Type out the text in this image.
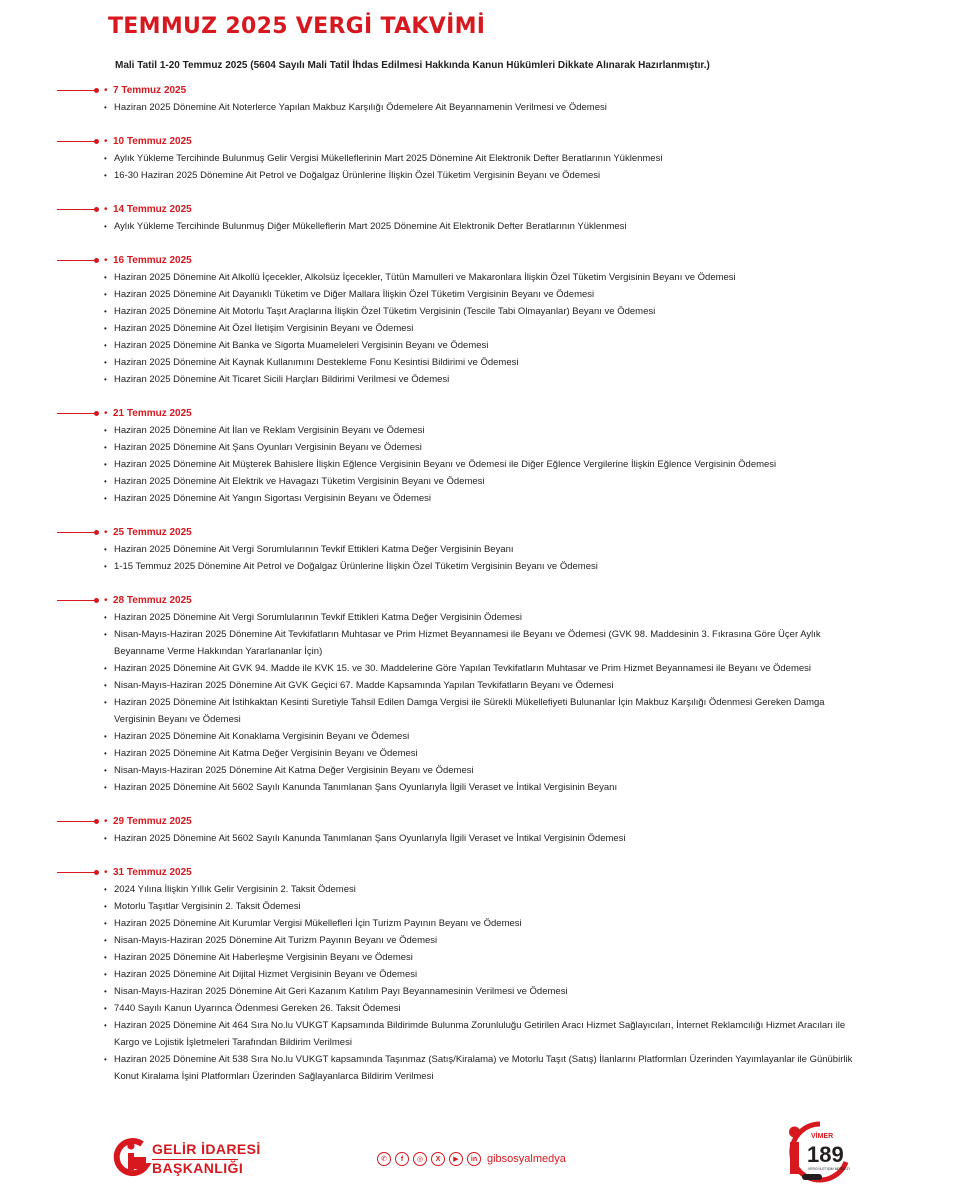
TEMMUZ 2025 VERGİ TAKVİMİ
Mali Tatil 1-20 Temmuz 2025 (5604 Sayılı Mali Tatil İhdas Edilmesi Hakkında Kanun Hükümleri Dikkate Alınarak Hazırlanmıştır.)
• 7 Temmuz 2025
• Haziran 2025 Dönemine Ait Noterlerce Yapılan Makbuz Karşılığı Ödemelere Ait Beyannamenin Verilmesi ve Ödemesi
• 10 Temmuz 2025
• Aylık Yükleme Tercihinde Bulunmuş Gelir Vergisi Mükelleflerinin Mart 2025 Dönemine Ait Elektronik Defter Beratlarının Yüklenmesi
• 16-30 Haziran 2025 Dönemine Ait Petrol ve Doğalgaz Ürünlerine İlişkin Özel Tüketim Vergisinin Beyanı ve Ödemesi
• 14 Temmuz 2025
• Aylık Yükleme Tercihinde Bulunmuş Diğer Mükelleflerin Mart 2025 Dönemine Ait Elektronik Defter Beratlarının Yüklenmesi
• 16 Temmuz 2025
• Haziran 2025 Dönemine Ait Alkollü İçecekler, Alkolsüz İçecekler, Tütün Mamulleri ve Makaronlara İlişkin Özel Tüketim Vergisinin Beyanı ve Ödemesi
• Haziran 2025 Dönemine Ait Dayanıklı Tüketim ve Diğer Mallara İlişkin Özel Tüketim Vergisinin Beyanı ve Ödemesi
• Haziran 2025 Dönemine Ait Motorlu Taşıt Araçlarına İlişkin Özel Tüketim Vergisinin (Tescile Tabi Olmayanlar) Beyanı ve Ödemesi
• Haziran 2025 Dönemine Ait Özel İletişim Vergisinin Beyanı ve Ödemesi
• Haziran 2025 Dönemine Ait Banka ve Sigorta Muameleleri Vergisinin Beyanı ve Ödemesi
• Haziran 2025 Dönemine Ait Kaynak Kullanımını Destekleme Fonu Kesintisi Bildirimi ve Ödemesi
• Haziran 2025 Dönemine Ait Ticaret Sicili Harçları Bildirimi Verilmesi ve Ödemesi
• 21 Temmuz 2025
• Haziran 2025 Dönemine Ait İlan ve Reklam Vergisinin Beyanı ve Ödemesi
• Haziran 2025 Dönemine Ait Şans Oyunları Vergisinin Beyanı ve Ödemesi
• Haziran 2025 Dönemine Ait Müşterek Bahislere İlişkin Eğlence Vergisinin Beyanı ve Ödemesi ile Diğer Eğlence Vergilerine İlişkin Eğlence Vergisinin Ödemesi
• Haziran 2025 Dönemine Ait Elektrik ve Havagazı Tüketim Vergisinin Beyanı ve Ödemesi
• Haziran 2025 Dönemine Ait Yangın Sigortası Vergisinin Beyanı ve Ödemesi
• 25 Temmuz 2025
• Haziran 2025 Dönemine Ait Vergi Sorumlularının Tevkif Ettikleri Katma Değer Vergisinin Beyanı
• 1-15 Temmuz 2025 Dönemine Ait Petrol ve Doğalgaz Ürünlerine İlişkin Özel Tüketim Vergisinin Beyanı ve Ödemesi
• 28 Temmuz 2025
• Haziran 2025 Dönemine Ait Vergi Sorumlularının Tevkif Ettikleri Katma Değer Vergisinin Ödemesi
• Nisan-Mayıs-Haziran 2025 Dönemine Ait Tevkifatların Muhtasar ve Prim Hizmet Beyannamesi ile Beyanı ve Ödemesi (GVK 98. Maddesinin 3. Fıkrasına Göre Üçer Aylık Beyanname Verme Hakkından Yararlananlar İçin)
• Haziran 2025 Dönemine Ait GVK 94. Madde ile KVK 15. ve 30. Maddelerine Göre Yapılan Tevkifatların Muhtasar ve Prim Hizmet Beyannamesi ile Beyanı ve Ödemesi
• Nisan-Mayıs-Haziran 2025 Dönemine Ait GVK Geçici 67. Madde Kapsamında Yapılan Tevkifatların Beyanı ve Ödemesi
• Haziran 2025 Dönemine Ait İstihkaktan Kesinti Suretiyle Tahsil Edilen Damga Vergisi ile Sürekli Mükellefiyeti Bulunanlar İçin Makbuz Karşılığı Ödenmesi Gereken Damga Vergisinin Beyanı ve Ödemesi
• Haziran 2025 Dönemine Ait Konaklama Vergisinin Beyanı ve Ödemesi
• Haziran 2025 Dönemine Ait Katma Değer Vergisinin Beyanı ve Ödemesi
• Nisan-Mayıs-Haziran 2025 Dönemine Ait Katma Değer Vergisinin Beyanı ve Ödemesi
• Haziran 2025 Dönemine Ait 5602 Sayılı Kanunda Tanımlanan Şans Oyunlarıyla İlgili Veraset ve İntikal Vergisinin Beyanı
• 29 Temmuz 2025
• Haziran 2025 Dönemine Ait 5602 Sayılı Kanunda Tanımlanan Şans Oyunlarıyla İlgili Veraset ve İntikal Vergisinin Ödemesi
• 31 Temmuz 2025
• 2024 Yılına İlişkin Yıllık Gelir Vergisinin 2. Taksit Ödemesi
• Motorlu Taşıtlar Vergisinin 2. Taksit Ödemesi
• Haziran 2025 Dönemine Ait Kurumlar Vergisi Mükellefleri İçin Turizm Payının Beyanı ve Ödemesi
• Nisan-Mayıs-Haziran 2025 Dönemine Ait Turizm Payının Beyanı ve Ödemesi
• Haziran 2025 Dönemine Ait Haberleşme Vergisinin Beyanı ve Ödemesi
• Haziran 2025 Dönemine Ait Dijital Hizmet Vergisinin Beyanı ve Ödemesi
• Nisan-Mayıs-Haziran 2025 Dönemine Ait Geri Kazanım Katılım Payı Beyannamesinin Verilmesi ve Ödemesi
• 7440 Sayılı Kanun Uyarınca Ödenmesi Gereken 26. Taksit Ödemesi
• Haziran 2025 Dönemine Ait 464 Sıra No.lu VUKGT Kapsamında Bildirimde Bulunma Zorunluluğu Getirilen Aracı Hizmet Sağlayıcıları, İnternet Reklamcılığı Hizmet Aracıları ile Kargo ve Lojistik İşletmeleri Tarafından Bildirim Verilmesi
• Haziran 2025 Dönemine Ait 538 Sıra No.lu VUKGT kapsamında Taşınmaz (Satış/Kiralama) ve Motorlu Taşıt (Satış) İlanlarını Platformları Üzerinden Yayımlayanlar ile Günübirlik Konut Kiralama İşini Platformları Üzerinden Sağlayanlarca Bildirim Verilmesi
GELİR İDARESİ
BAŞKANLIĞI
✆ f ◎ X ▶ in gibsosyalmedya
VİMER
189
VERGİ İLETİŞİM MERKEZİ
